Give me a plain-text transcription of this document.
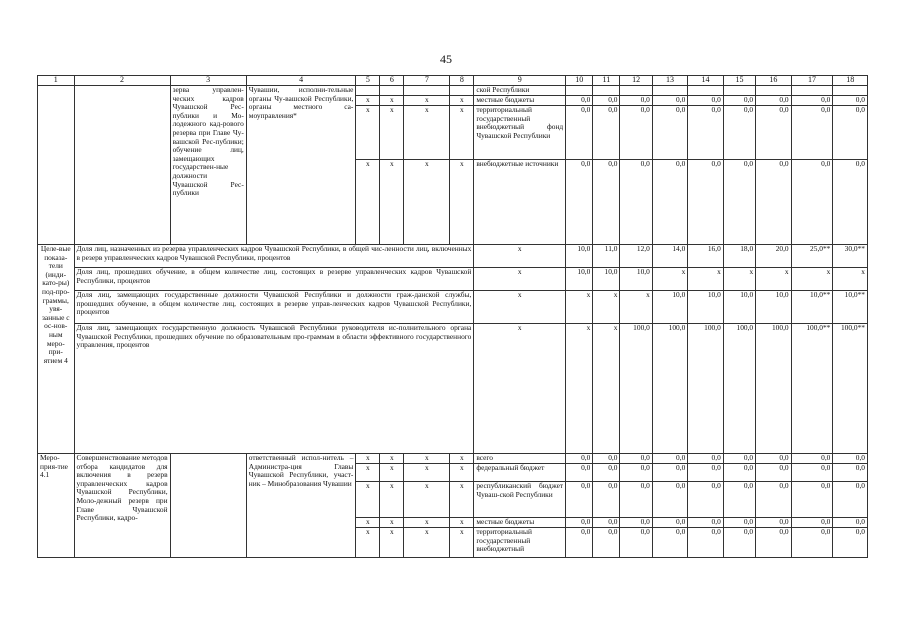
45
1	2	3	4	5	6	7	8	9	10	11	12	13	14	15	16	17	18
		зерва управлен-ческих кадров Чувашской Рес-публики и Мо-лодежного кад-рового резерва при Главе Чу-вашской Рес-публики; обучение лиц, замещающих государствен-ные должности Чувашской Рес-публики	Чувашии, исполни-тельные органы Чу-вашской Республики, органы местного са-моуправления*					ской Республики									
				x	x	x	x	местные бюджеты	0,0	0,0	0,0	0,0	0,0	0,0	0,0	0,0	0,0
				x	x	x	x	территориальный государственный внебюджетный фонд Чувашской Республики	0,0	0,0	0,0	0,0	0,0	0,0	0,0	0,0	0,0
				x	x	x	x	внебюджетные источники	0,0	0,0	0,0	0,0	0,0	0,0	0,0	0,0	0,0
Целе-вые показа-тели (инди-като-ры) под-про-граммы, увя-занные с ос-нов-ным меро-при-ятием 4	Доля лиц, назначенных из резерва управленческих кадров Чувашской Республики, в общей чис-ленности лиц, включенных в резерв управленческих кадров Чувашской Республики, процентов							x	10,0	11,0	12,0	14,0	16,0	18,0	20,0	25,0**	30,0**
	Доля лиц, прошедших обучение, в общем количестве лиц, состоящих в резерве управленческих кадров Чувашской Республики, процентов							x	10,0	10,0	10,0	x	x	x	x	x	x
	Доля лиц, замещающих государственные должности Чувашской Республики и должности граж-данской службы, прошедших обучение, в общем количестве лиц, состоящих в резерве управ-ленческих кадров Чувашской Республики, процентов							x	x	x	x	10,0	10,0	10,0	10,0	10,0**	10,0**
	Доля лиц, замещающих государственную должность Чувашской Республики руководителя ис-полнительного органа Чувашской Республики, прошедших обучение по образовательным про-граммам в области эффективного государственного управления, процентов							x	x	x	100,0	100,0	100,0	100,0	100,0	100,0**	100,0**
Меро-прия-тие 4.1	Совершенствование методов отбора кандидатов для включения в резерв управленческих кадров Чувашской Республики, Моло-дежный резерв при Главе Чувашской Республики, кадро-		ответственный испол-нитель – Администра-ция Главы Чувашской Республики, участ-ник – Минобразования Чувашии	x	x	x	x	всего	0,0	0,0	0,0	0,0	0,0	0,0	0,0	0,0	0,0
				x	x	x	x	федеральный бюджет	0,0	0,0	0,0	0,0	0,0	0,0	0,0	0,0	0,0
				x	x	x	x	республиканский бюджет Чуваш-ской Республики	0,0	0,0	0,0	0,0	0,0	0,0	0,0	0,0	0,0
				x	x	x	x	местные бюджеты	0,0	0,0	0,0	0,0	0,0	0,0	0,0	0,0	0,0
				x	x	x	x	территориальный государственный внебюджетный	0,0	0,0	0,0	0,0	0,0	0,0	0,0	0,0	0,0
